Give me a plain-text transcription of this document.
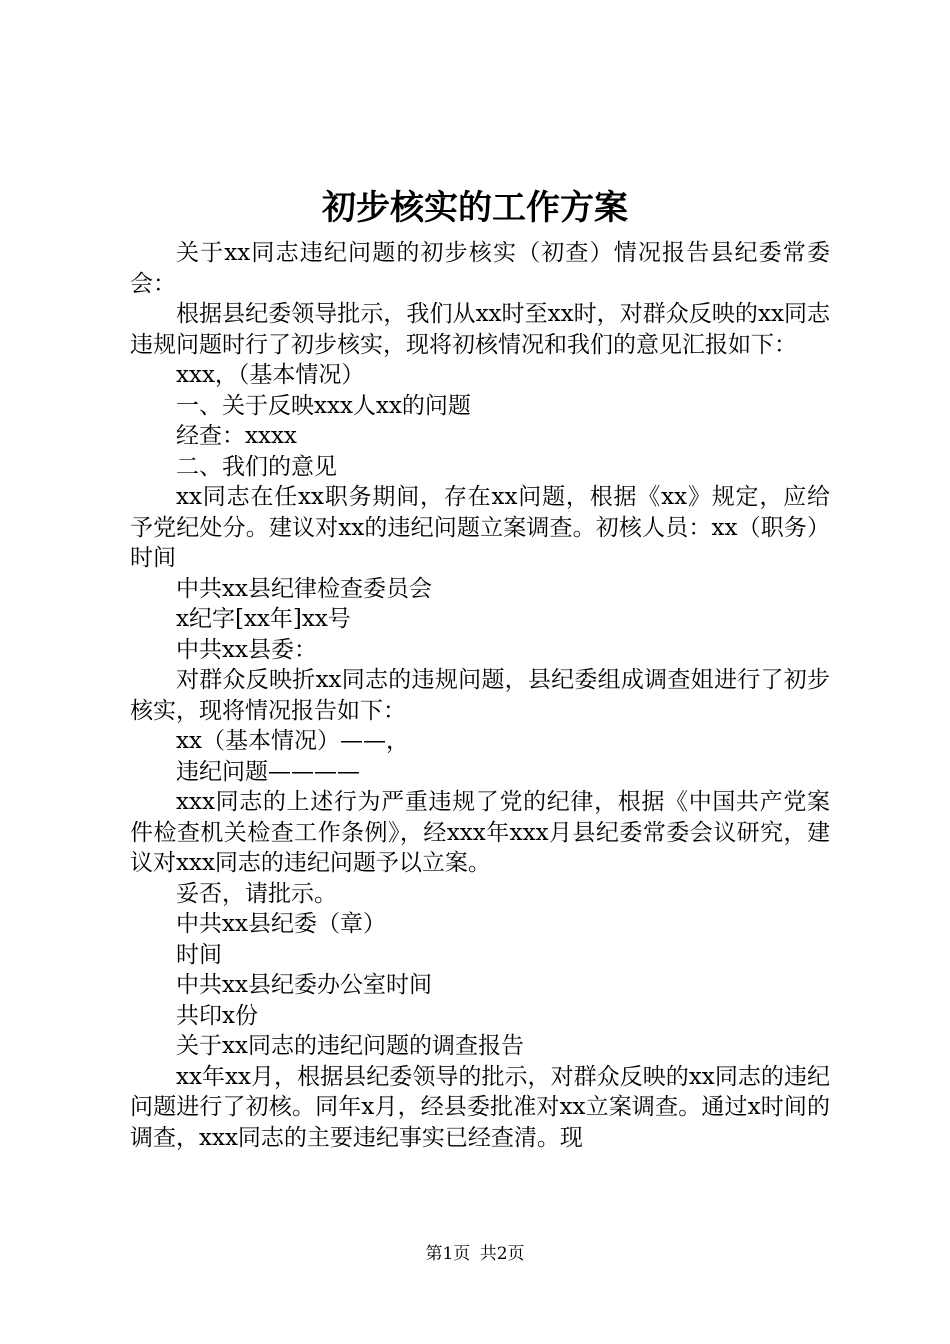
初步核实的工作方案

关于xx同志违纪问题的初步核实（初查）情况报告县纪委常委会：

根据县纪委领导批示，我们从xx时至xx时，对群众反映的xx同志违规问题时行了初步核实，现将初核情况和我们的意见汇报如下：

xxx，（基本情况）

一、关于反映xxx人xx的问题

经查：xxxx

二、我们的意见

xx同志在任xx职务期间，存在xx问题，根据《xx》规定，应给予党纪处分。建议对xx的违纪问题立案调查。初核人员：xx（职务）时间

中共xx县纪律检查委员会

x纪字[xx年]xx号

中共xx县委：

对群众反映折xx同志的违规问题，县纪委组成调查姐进行了初步核实，现将情况报告如下：

xx（基本情况）——，

违纪问题————

xxx同志的上述行为严重违规了党的纪律，根据《中国共产党案件检查机关检查工作条例》，经xxx年xxx月县纪委常委会议研究，建议对xxx同志的违纪问题予以立案。

妥否，请批示。

中共xx县纪委（章）

时间

中共xx县纪委办公室时间

共印x份

关于xx同志的违纪问题的调查报告

xx年xx月，根据县纪委领导的批示，对群众反映的xx同志的违纪问题进行了初核。同年x月，经县委批准对xx立案调查。通过x时间的调查，xxx同志的主要违纪事实已经查清。现

第1页 共2页
